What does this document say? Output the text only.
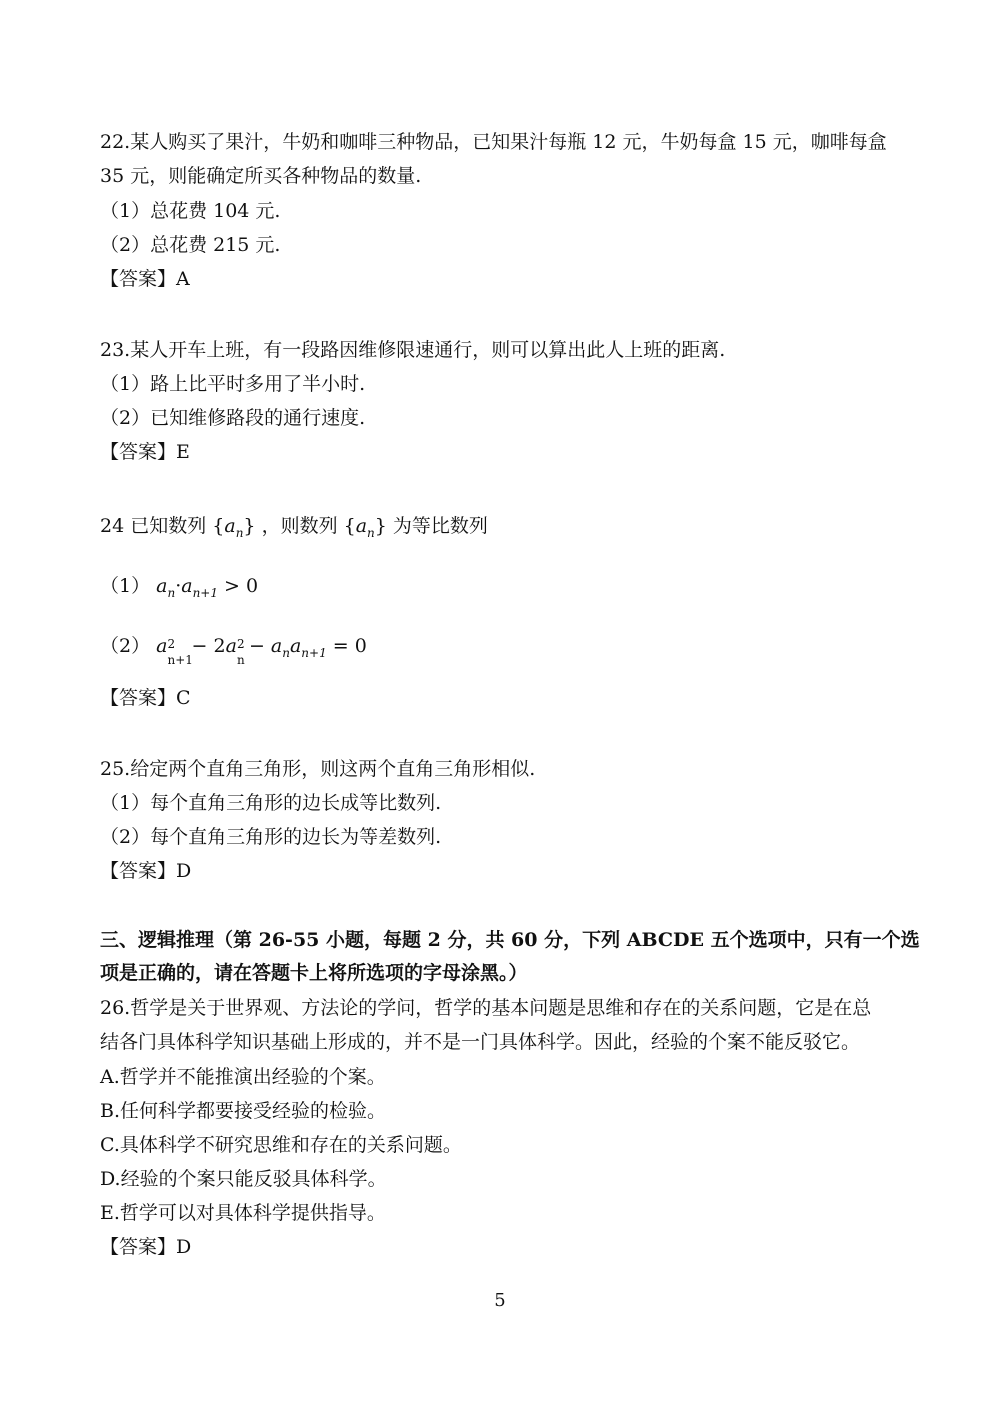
22.某人购买了果汁，牛奶和咖啡三种物品，已知果汁每瓶 12 元，牛奶每盒 15 元，咖啡每盒
35 元，则能确定所买各种物品的数量.
（1）总花费 104 元.
（2）总花费 215 元.
【答案】A
23.某人开车上班，有一段路因维修限速通行，则可以算出此人上班的距离.
（1）路上比平时多用了半小时.
（2）已知维修路段的通行速度.
【答案】E
24 已知数列 $\{a_n\}$ ，则数列 $\{a_n\}$ 为等比数列
（1） $a_n\cdot a_{n+1} > 0$
（2） a 2
n+1
− 2a 2
n
− $a_na_{n+1} = 0$
【答案】C
25.给定两个直角三角形，则这两个直角三角形相似.
（1）每个直角三角形的边长成等比数列.
（2）每个直角三角形的边长为等差数列.
【答案】D
三、逻辑推理（第 26-55 小题，每题 2 分，共 60 分，下列 ABCDE 五个选项中，只有一个选
项是正确的，请在答题卡上将所选项的字母涂黑。）
26.哲学是关于世界观、方法论的学问，哲学的基本问题是思维和存在的关系问题，它是在总
结各门具体科学知识基础上形成的，并不是一门具体科学。因此，经验的个案不能反驳它。
A.哲学并不能推演出经验的个案。
B.任何科学都要接受经验的检验。
C.具体科学不研究思维和存在的关系问题。
D.经验的个案只能反驳具体科学。
E.哲学可以对具体科学提供指导。
【答案】D
5
